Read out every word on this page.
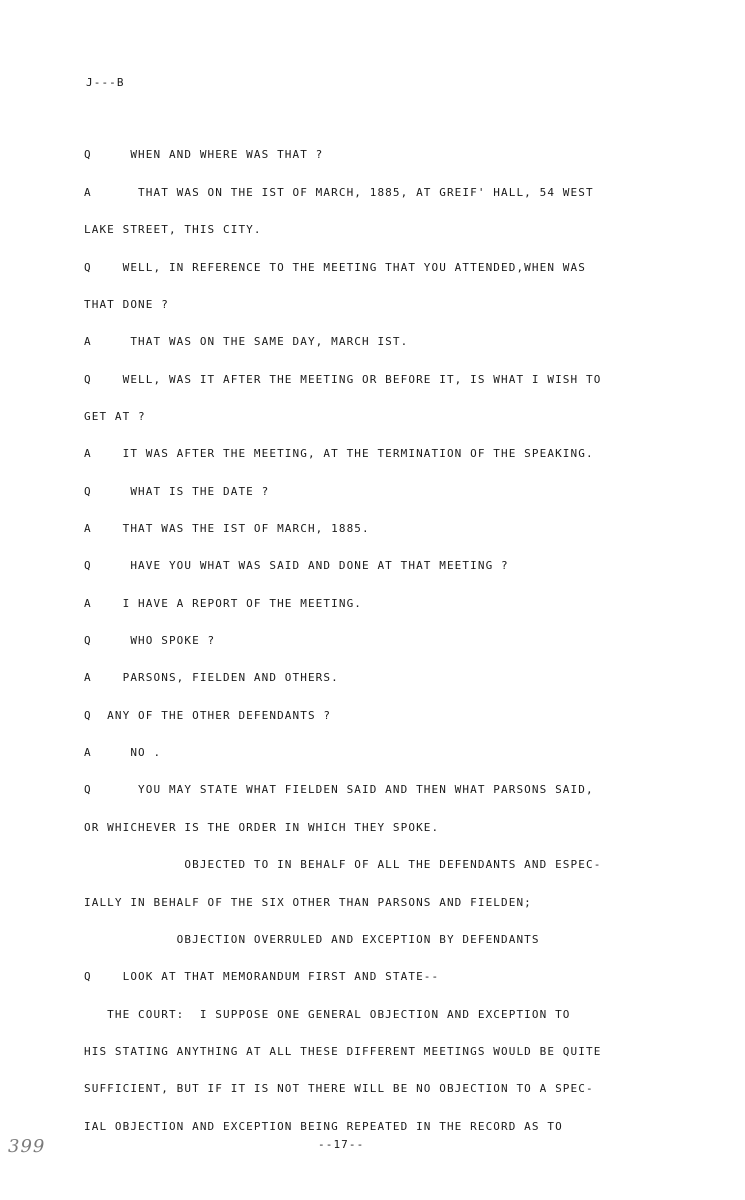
J---B
Q     WHEN AND WHERE WAS THAT ?
A      THAT WAS ON THE IST OF MARCH, 1885, AT GREIF' HALL, 54 WEST
LAKE STREET, THIS CITY.
Q    WELL, IN REFERENCE TO THE MEETING THAT YOU ATTENDED,WHEN WAS
THAT DONE ?
A     THAT WAS ON THE SAME DAY, MARCH IST.
Q    WELL, WAS IT AFTER THE MEETING OR BEFORE IT, IS WHAT I WISH TO
GET AT ?
A    IT WAS AFTER THE MEETING, AT THE TERMINATION OF THE SPEAKING.
Q     WHAT IS THE DATE ?
A    THAT WAS THE IST OF MARCH, 1885.
Q     HAVE YOU WHAT WAS SAID AND DONE AT THAT MEETING ?
A    I HAVE A REPORT OF THE MEETING.
Q     WHO SPOKE ?
A    PARSONS, FIELDEN AND OTHERS.
Q  ANY OF THE OTHER DEFENDANTS ?
A     NO .
Q      YOU MAY STATE WHAT FIELDEN SAID AND THEN WHAT PARSONS SAID,
OR WHICHEVER IS THE ORDER IN WHICH THEY SPOKE.
OBJECTED TO IN BEHALF OF ALL THE DEFENDANTS AND ESPEC-
IALLY IN BEHALF OF THE SIX OTHER THAN PARSONS AND FIELDEN;
OBJECTION OVERRULED AND EXCEPTION BY DEFENDANTS
Q    LOOK AT THAT MEMORANDUM FIRST AND STATE--
THE COURT:  I SUPPOSE ONE GENERAL OBJECTION AND EXCEPTION TO
HIS STATING ANYTHING AT ALL THESE DIFFERENT MEETINGS WOULD BE QUITE
SUFFICIENT, BUT IF IT IS NOT THERE WILL BE NO OBJECTION TO A SPEC-
IAL OBJECTION AND EXCEPTION BEING REPEATED IN THE RECORD AS TO
--17--
399
